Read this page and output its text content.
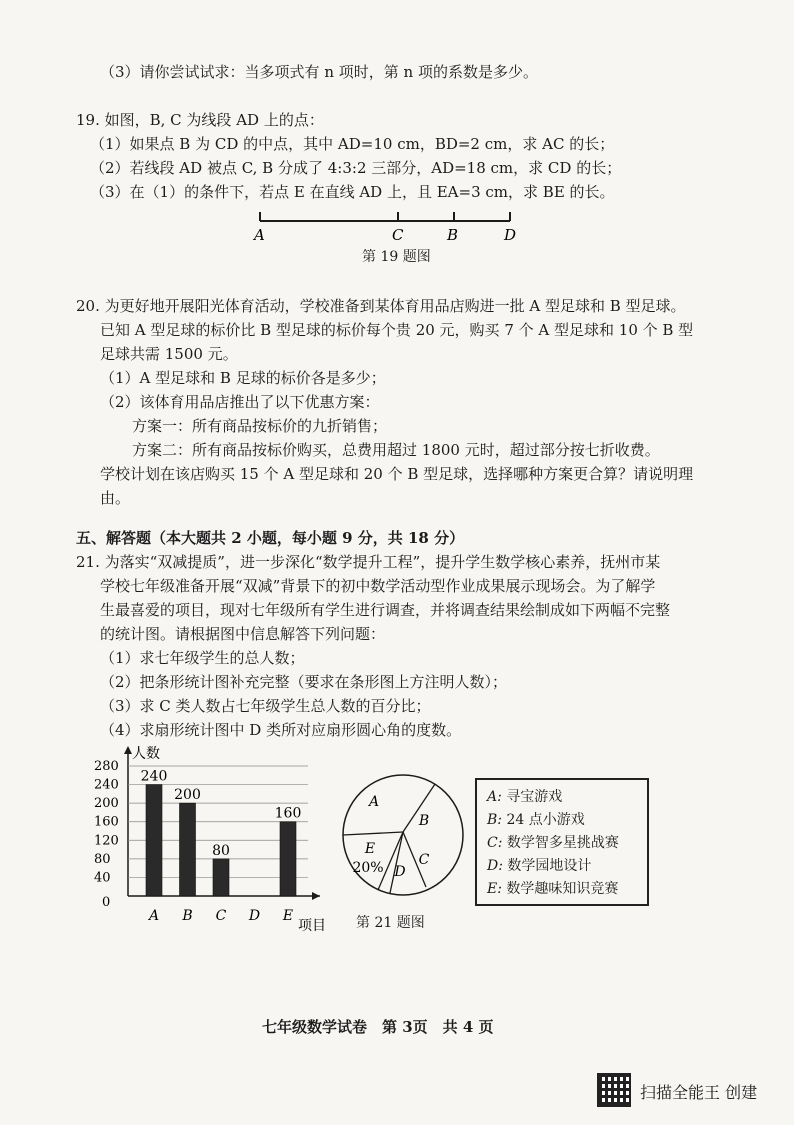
（3）请你尝试试求：当多项式有 n 项时，第 n 项的系数是多少。
19. 如图，B, C 为线段 AD 上的点：
（1）如果点 B 为 CD 的中点，其中 AD=10 cm，BD=2 cm，求 AC 的长；
（2）若线段 AD 被点 C, B 分成了 4:3:2 三部分，AD=18 cm，求 CD 的长；
（3）在（1）的条件下，若点 E 在直线 AD 上，且 EA=3 cm，求 BE 的长。
A	C	B	D
第 19 题图
20. 为更好地开展阳光体育活动，学校准备到某体育用品店购进一批 A 型足球和 B 型足球。
已知 A 型足球的标价比 B 型足球的标价每个贵 20 元，购买 7 个 A 型足球和 10 个 B 型
足球共需 1500 元。
（1）A 型足球和 B 足球的标价各是多少；
（2）该体育用品店推出了以下优惠方案：
方案一：所有商品按标价的九折销售；
方案二：所有商品按标价购买，总费用超过 1800 元时，超过部分按七折收费。
学校计划在该店购买 15 个 A 型足球和 20 个 B 型足球，选择哪种方案更合算？请说明理
由。
五、解答题（本大题共 2 小题，每小题 9 分，共 18 分）
21. 为落实“双减提质”，进一步深化“数学提升工程”，提升学生数学核心素养，抚州市某
学校七年级准备开展“双减”背景下的初中数学活动型作业成果展示现场会。为了解学
生最喜爱的项目，现对七年级所有学生进行调查，并将调查结果绘制成如下两幅不完整
的统计图。请根据图中信息解答下列问题：
（1）求七年级学生的总人数；
（2）把条形统计图补充完整（要求在条形图上方注明人数）；
（3）求 C 类人数占七年级学生总人数的百分比；
（4）求扇形统计图中 D 类所对应扇形圆心角的度数。
人数
项目
0
40
80
120
160
200
240
280
240
A
200
B
80
C D
160
E
A
B
C
D
E
20%
A: 寻宝游戏
B: 24 点小游戏
C: 数学智多星挑战赛
D: 数学园地设计
E: 数学趣味知识竞赛
第 21 题图
七年级数学试卷　第 3页　共 4 页
扫描全能王 创建
